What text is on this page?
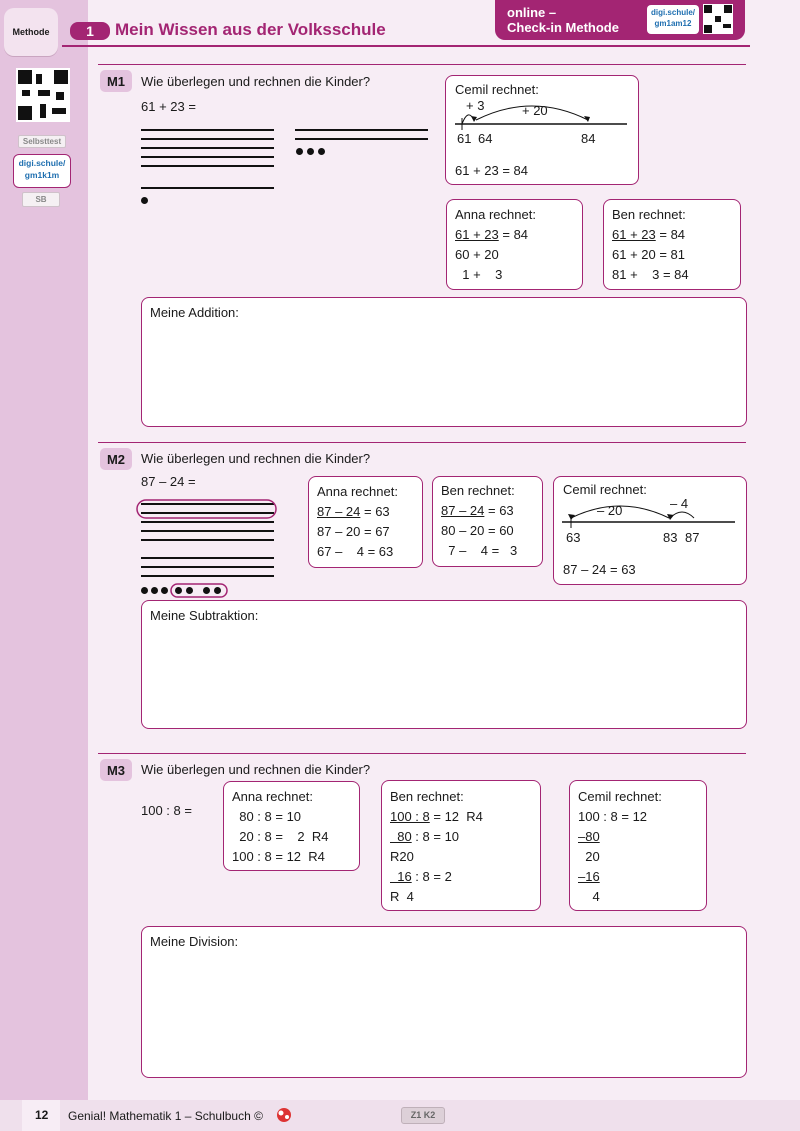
Methode
Selbsttest
digi.schule/ gm1k1m
SB
1	Mein Wissen aus der Volksschule
online –
Check-in Methode
digi.schule/ gm1am12
M1	Wie überlegen und rechnen die Kinder?
61 + 23 =
Cemil rechnet:
+ 3	+ 20
61 64	84
61 + 23 = 84
Anna rechnet:
61 + 23 = 84
60 + 20
1 +    3
Ben rechnet:
61 + 23 = 84
61 + 20 = 81
81 +    3 = 84
Meine Addition:
M2	Wie überlegen und rechnen die Kinder?
87 – 24 =
Anna rechnet:
87 – 24 = 63
87 – 20 = 67
67 –    4 = 63
Ben rechnet:
87 – 24 = 63
80 – 20 = 60
7 –    4 =   3
Cemil rechnet:
– 20	– 4
63	83 87
87 – 24 = 63
Meine Subtraktion:
M3	Wie überlegen und rechnen die Kinder?
100 : 8 =
Anna rechnet:
80 : 8 = 10
20 : 8 =    2  R4
100 : 8 = 12  R4
Ben rechnet:
100 : 8 = 12  R4
80 : 8 = 10
R20
16 : 8 = 2
R  4
Cemil rechnet:
100 : 8 = 12
–80
20
–16
4
Meine Division:
12 Genial! Mathematik 1 – Schulbuch ©	Z1 K2
